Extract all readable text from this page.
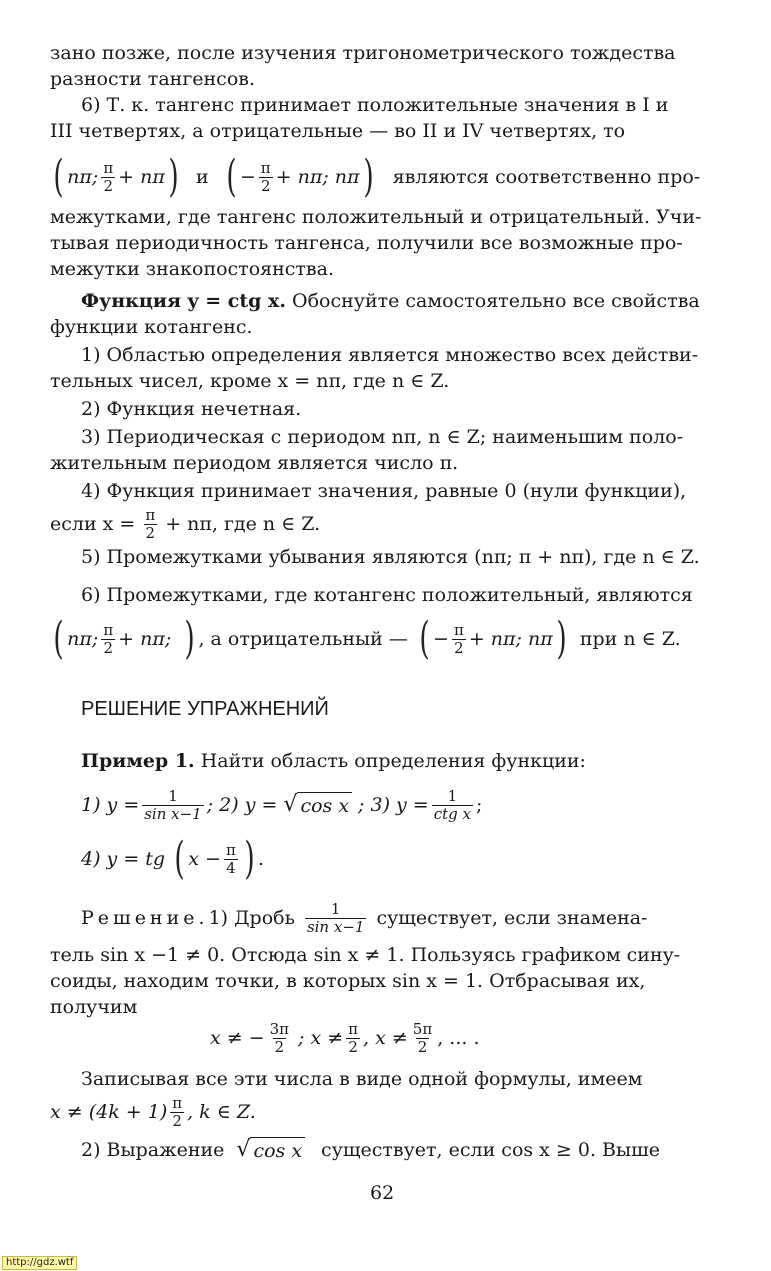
зано позже, после изучения тригонометрического тождества
разности тангенсов.
6) Т. к. тангенс принимает положительные значения в I и
III четвертях, а отрицательные — во II и IV четвертях, то
( nπ; $\frac{\pi}{2} + n\pi$ ) и ( − $\frac{\pi}{2} + n\pi$; nπ ) являются соответственно про-
межутками, где тангенс положительный и отрицательный. Учи-
тывая периодичность тангенса, получили все возможные про-
межутки знакопостоянства.
Функция y = ctg x. Обоснуйте самостоятельно все свойства
функции котангенс.
1) Областью определения является множество всех действи-
тельных чисел, кроме x = nπ, где n ∈ Z.
2) Функция нечетная.
3) Периодическая с периодом nπ, n ∈ Z; наименьшим поло-
жительным периодом является число π.
4) Функция принимает значения, равные 0 (нули функции),
если $x = \frac{\pi}{2} + n\pi$, где n ∈ Z.
5) Промежутками убывания являются (nπ; π + nπ), где n ∈ Z.
6) Промежутками, где котангенс положительный, являются
( nπ; $\frac{\pi}{2} + n\pi$; ) , а отрицательный — ( − $\frac{\pi}{2} + n\pi$; nπ ) при n ∈ Z.
РЕШЕНИЕ УПРАЖНЕНИЙ
Пример 1. Найти область определения функции:
1) $y = \frac{1}{\text{sin x−1}}$ ; 2) y = √ cos x ; 3) $y = \frac{1}{\text{ctg x}}$ ;
4) y = tg ( $x - \frac{\pi}{4}$ ) .
Решение. 1) Дробь $\frac{1}{\text{sin x−1}}$ существует, если знамена-
тель sin x −1 ≠ 0. Отсюда sin x ≠ 1. Пользуясь графиком сину-
соиды, находим точки, в которых sin x = 1. Отбрасывая их,
получим
x ≠ − $\frac{3\pi}{2}$ ; $x \ne \frac{\pi}{2}$ , $x \ne \frac{5\pi}{2}$ , ... .
Записывая все эти числа в виде одной формулы, имеем
$x \ne (4k + 1) \frac{\pi}{2}$ , k ∈ Z.
2) Выражение √ cos x существует, если cos x ≥ 0. Выше
62
http://gdz.wtf
